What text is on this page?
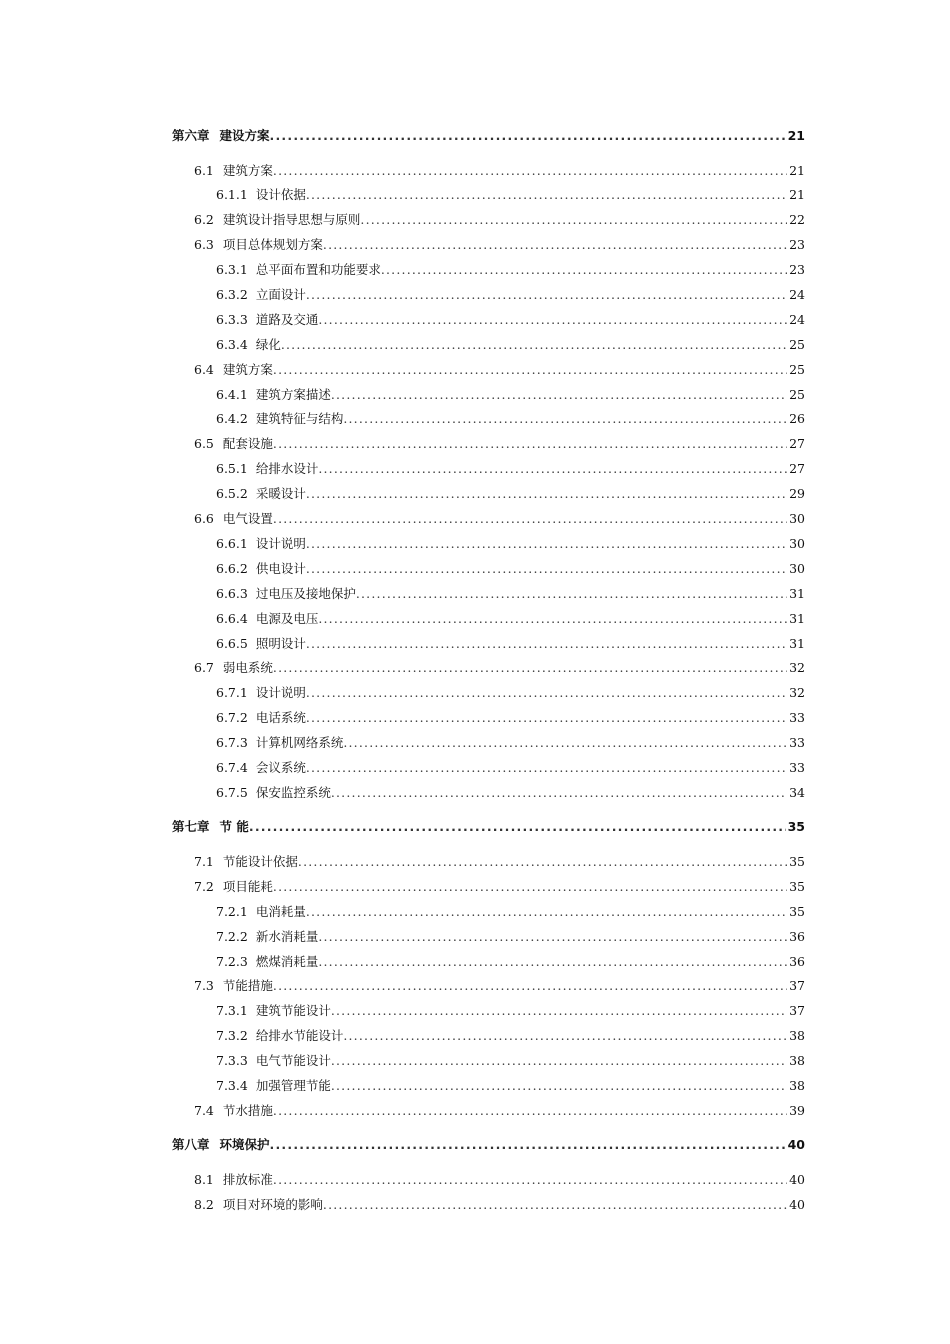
第六章 建设方案 .....	21
6.1 建筑方案 .....	21
6.1.1 设计依据 .....	21
6.2 建筑设计指导思想与原则 .....	22
6.3 项目总体规划方案 .....	23
6.3.1 总平面布置和功能要求 .....	23
6.3.2 立面设计 .....	24
6.3.3 道路及交通 .....	24
6.3.4 绿化 .....	25
6.4 建筑方案 .....	25
6.4.1 建筑方案描述 .....	25
6.4.2 建筑特征与结构 .....	26
6.5 配套设施 .....	27
6.5.1 给排水设计 .....	27
6.5.2 采暖设计 .....	29
6.6 电气设置 .....	30
6.6.1 设计说明 .....	30
6.6.2 供电设计 .....	30
6.6.3 过电压及接地保护 .....	31
6.6.4 电源及电压 .....	31
6.6.5 照明设计 .....	31
6.7 弱电系统 .....	32
6.7.1 设计说明 .....	32
6.7.2 电话系统 .....	33
6.7.3 计算机网络系统 .....	33
6.7.4 会议系统 .....	33
6.7.5 保安监控系统 .....	34
第七章 节 能 .....	35
7.1 节能设计依据 .....	35
7.2 项目能耗 .....	35
7.2.1 电消耗量 .....	35
7.2.2 新水消耗量 .....	36
7.2.3 燃煤消耗量 .....	36
7.3 节能措施 .....	37
7.3.1 建筑节能设计 .....	37
7.3.2 给排水节能设计 .....	38
7.3.3 电气节能设计 .....	38
7.3.4 加强管理节能 .....	38
7.4 节水措施 .....	39
第八章 环境保护 .....	40
8.1 排放标准 .....	40
8.2 项目对环境的影响 .....	40
